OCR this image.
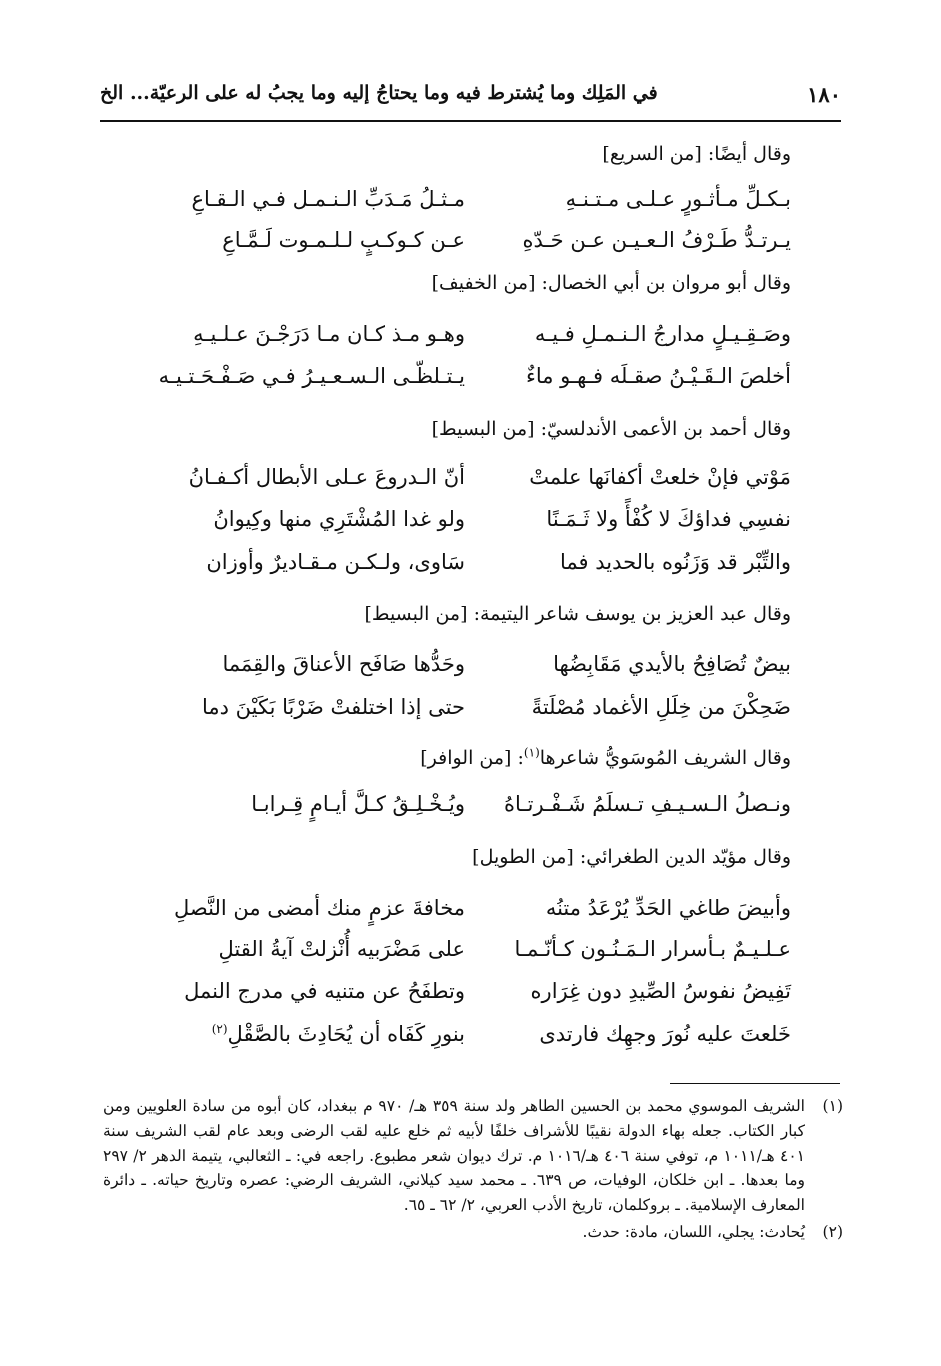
١٨٠
في المَلِك وما يُشترط فيه وما يحتاجُ إليه وما يجبُ له على الرعيّة... الخ
وقال أيضًا: [من السريع]
بـكـلِّ مـأثـورٍ عـلـى مـتـنـهِ
مـثـلُ مَـدَبِّ الـنـمـل فـي الـقـاعِ
يـرتـدُّ طَـرْفُ الـعـيـن عـن حَـدّهِ
عـن كـوكـبٍ لـلـمـوت لَـمَّـاعِ
وقال أبو مروان بن أبي الخصال: [من الخفيف]
وصَـقِـيـلٍ مدارجُ الـنـمـلِ فـيـه
وهـو مـذ كـان مـا دَرَجْـنَ عـلـيـهِ
أخلصَ الـقَـيْـنُ صقـلَه فـهـو ماءٌ
يـتـلظّـى الـسـعـيـرُ فـي صَـفْـحَـتـيـه
وقال أحمد بن الأعمى الأندلسيّ: [من البسيط]
مَوْتي فإنْ خلعتْ أكفانَها علمتْ
أنّ الـدروعَ عـلى الأبطال أكـفـانُ
نفسِي فداؤكَ لا كُفْأً ولا ثَـمَـنًا
ولو غدا المُشْتَرِي منها وكِيوانُ
والتِّبْر قد وَزَنُوه بالحديد فما
سَاوى، ولـكـن مـقـاديرٌ وأوزان
وقال عبد العزيز بن يوسف شاعر اليتيمة: [من البسيط]
بيضٌ تُصَافِحُ بالأيدي مَقَابِضُها
وحَدُّها صَافَح الأعناقَ والقِمَما
ضَحِكْنَ من خِلَلِ الأغماد مُصْلَتةً
حتى إذا اختلفتْ ضَرْبًا بَكَيْنَ دما
وقال الشريف المُوسَويُّ شاعرها$^{(١)}$: [من الوافر]
ونـصلُ الـسـيـفِ تـسلَمُ شَـفْـرتـاهُ
ويُـخْـلِـقُ كـلَّ أيـامٍ قِـرابـا
وقال مؤيّد الدين الطغرائي: [من الطويل]
وأبيضَ طاغي الحَدِّ يُرْعَدُ متنُه
مخافةَ عزمٍ منك أمضى من النَّصلِ
عـلـيـمٌ بـأسرار الـمَـنُـون كـأنّـمـا
على مَضْرَبيه أُنْزلتْ آيةُ القتلِ
تَفِيضُ نفوسُ الصِّيدِ دون غِرَاره
وتطفَحُ عن متنيه في مدرج النمل
خَلعتَ عليه نُورَ وجهِك فارتدى
بنورِ كَفَاه أن يُحَادِثَ بالصَّقْلِ$^{(٢)}$
(١)
الشريف الموسوي محمد بن الحسين الطاهر ولد سنة ٣٥٩ هـ/ ٩٧٠ م ببغداد، كان أبوه من سادة العلويين ومن كبار الكتاب. جعله بهاء الدولة نقيبًا للأشراف خلفًا لأبيه ثم خلع عليه لقب الرضى وبعد عام لقب الشريف سنة ٤٠١ هـ/١٠١١ م، توفي سنة ٤٠٦ هـ/١٠١٦ م. ترك ديوان شعر مطبوع. راجعه في: ـ الثعالبي، يتيمة الدهر ٢/ ٢٩٧ وما بعدها. ـ ابن خلكان، الوفيات، ص ٦٣٩. ـ محمد سيد كيلاني، الشريف الرضي: عصره وتاريخ حياته. ـ دائرة المعارف الإسلامية. ـ بروكلمان، تاريخ الأدب العربي، ٢/ ٦٢ ـ ٦٥.
(٢)
يُحادث: يجلي، اللسان، مادة: حدث.
